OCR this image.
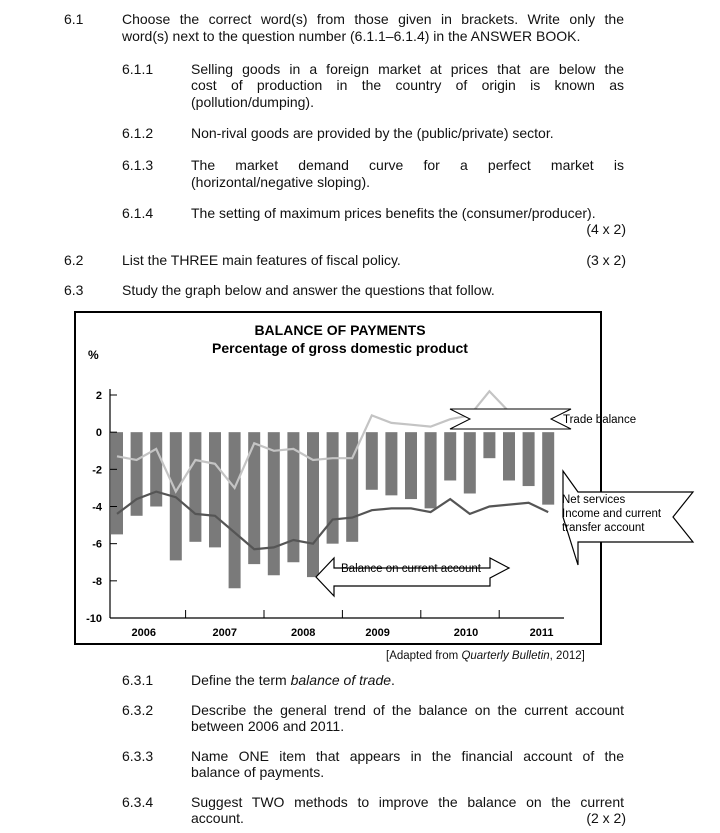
6.1	Choose the correct word(s) from those given in brackets. Write only the
word(s) next to the question number (6.1.1–6.1.4) in the ANSWER BOOK.
6.1.1	Selling goods in a foreign market at prices that are below the
cost of production in the country of origin is known as
(pollution/dumping).
6.1.2	Non-rival goods are provided by the (public/private) sector.
6.1.3	The market demand curve for a perfect market is
(horizontal/negative sloping).
6.1.4	The setting of maximum prices benefits the (consumer/producer).
(4 x 2)
6.2	List the THREE main features of fiscal policy.	(3 x 2)
6.3	Study the graph below and answer the questions that follow.
BALANCE OF PAYMENTS
Percentage of gross domestic product
%
2
0
-2
-4
-6
-8
-10
2006	2007	2008	2009	2010	2011
Trade balance
Net services
Income and current
transfer account
Balance on current account
[Adapted from Quarterly Bulletin, 2012]
6.3.1	Define the term balance of trade.
6.3.2	Describe the general trend of the balance on the current account
between 2006 and 2011.
6.3.3	Name ONE item that appears in the financial account of the
balance of payments.
6.3.4	Suggest TWO methods to improve the balance on the current
account.	(2 x 2)
